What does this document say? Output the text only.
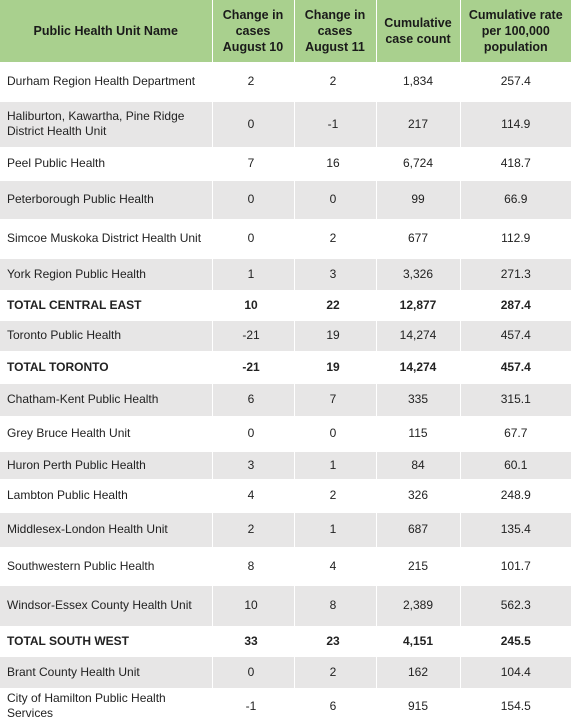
Public Health Unit Name	Change in cases August 10	Change in cases August 11	Cumulative case count	Cumulative rate per 100,000 population
Durham Region Health Department	2	2	1,834	257.4
Haliburton, Kawartha, Pine Ridge District Health Unit	0	-1	217	114.9
Peel Public Health	7	16	6,724	418.7
Peterborough Public Health	0	0	99	66.9
Simcoe Muskoka District Health Unit	0	2	677	112.9
York Region Public Health	1	3	3,326	271.3
TOTAL CENTRAL EAST	10	22	12,877	287.4
Toronto Public Health	-21	19	14,274	457.4
TOTAL TORONTO	-21	19	14,274	457.4
Chatham-Kent Public Health	6	7	335	315.1
Grey Bruce Health Unit	0	0	115	67.7
Huron Perth Public Health	3	1	84	60.1
Lambton Public Health	4	2	326	248.9
Middlesex-London Health Unit	2	1	687	135.4
Southwestern Public Health	8	4	215	101.7
Windsor-Essex County Health Unit	10	8	2,389	562.3
TOTAL SOUTH WEST	33	23	4,151	245.5
Brant County Health Unit	0	2	162	104.4
City of Hamilton Public Health Services	-1	6	915	154.5
